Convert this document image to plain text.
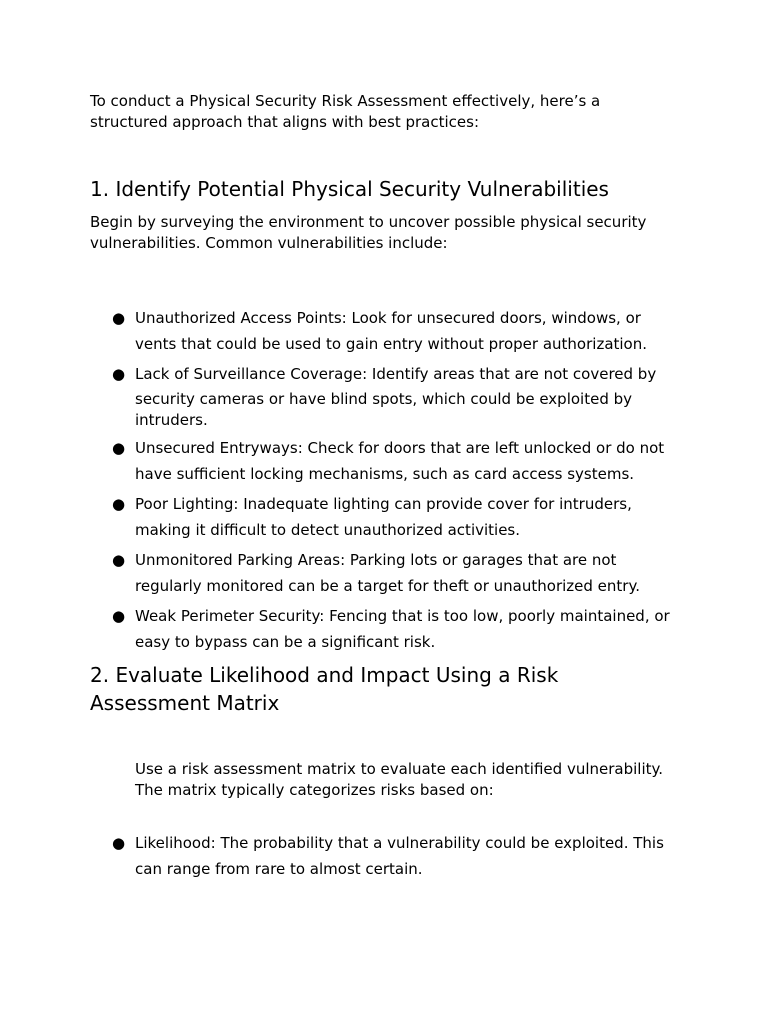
To conduct a Physical Security Risk Assessment effectively, here’s a structured approach that aligns with best practices:

1. Identify Potential Physical Security Vulnerabilities

Begin by surveying the environment to uncover possible physical security vulnerabilities. Common vulnerabilities include:

● Unauthorized Access Points: Look for unsecured doors, windows, or
vents that could be used to gain entry without proper authorization.
● Lack of Surveillance Coverage: Identify areas that are not covered by

security cameras or have blind spots, which could be exploited by
intruders.
● Unsecured Entryways: Check for doors that are left unlocked or do not
have sufficient locking mechanisms, such as card access systems.
● Poor Lighting: Inadequate lighting can provide cover for intruders,
making it difficult to detect unauthorized activities.
● Unmonitored Parking Areas: Parking lots or garages that are not
regularly monitored can be a target for theft or unauthorized entry.
● Weak Perimeter Security: Fencing that is too low, poorly maintained, or
easy to bypass can be a significant risk.
2. Evaluate Likelihood and Impact Using a Risk
Assessment Matrix

Use a risk assessment matrix to evaluate each identified vulnerability.
The matrix typically categorizes risks based on:

● Likelihood: The probability that a vulnerability could be exploited. This
can range from rare to almost certain.
